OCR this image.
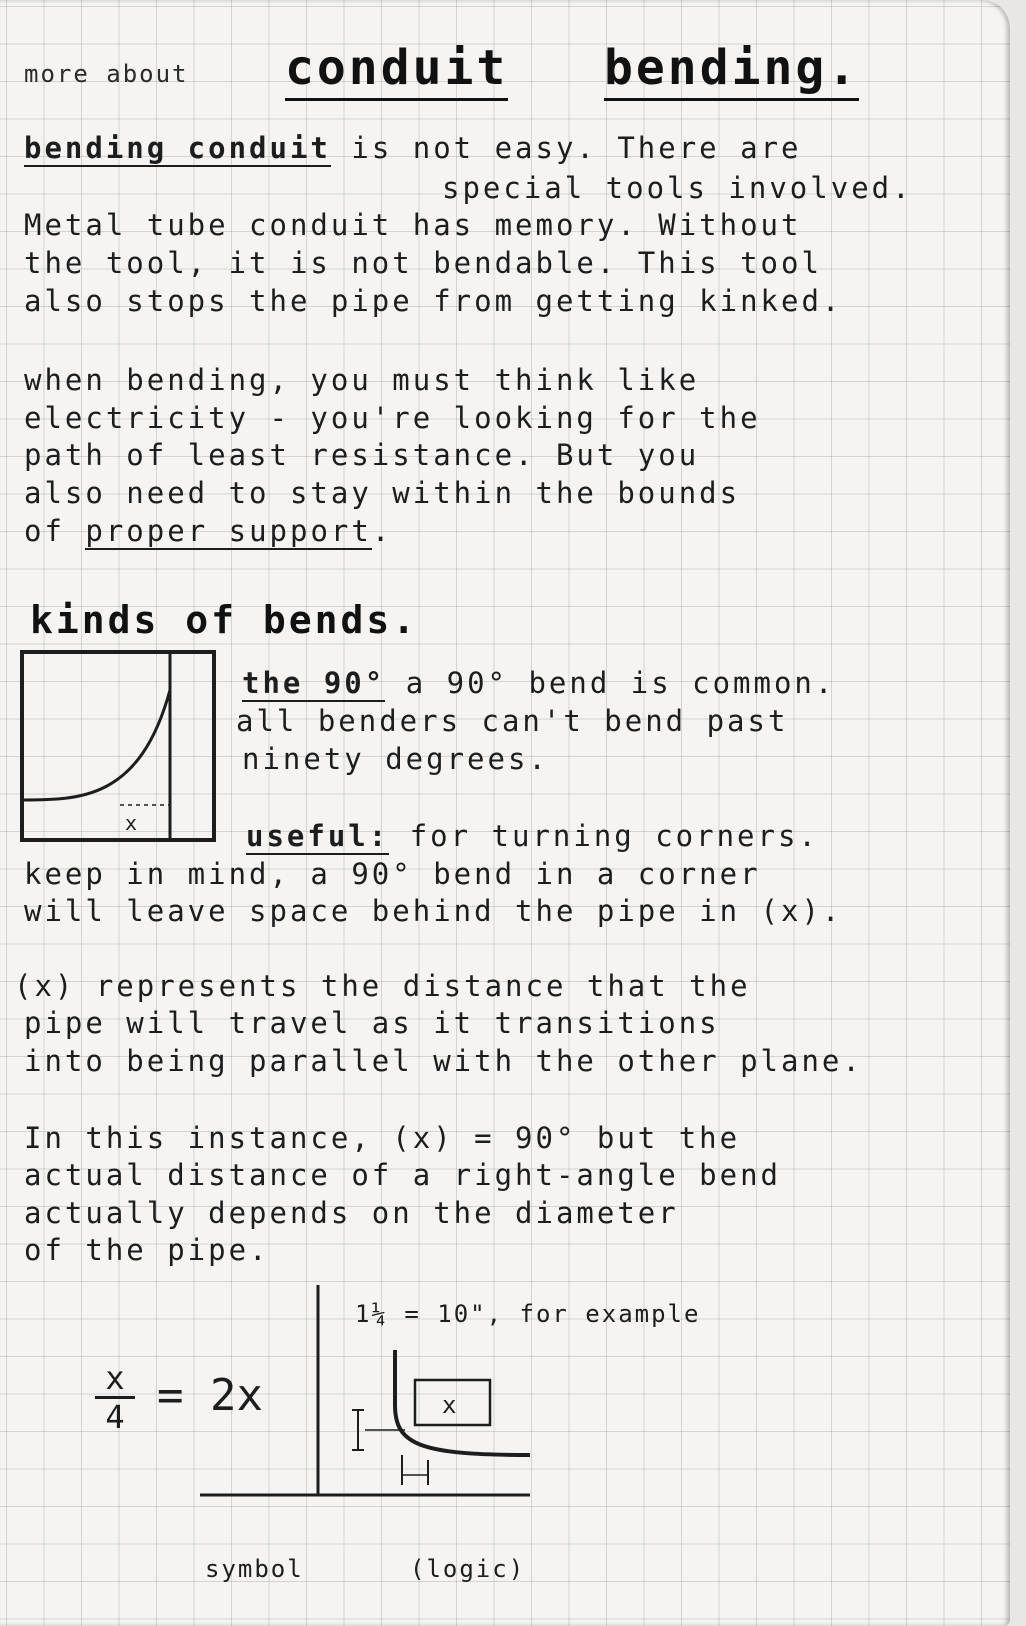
more about conduit bending.
bending conduit is not easy. There are
special tools involved.
Metal tube conduit has memory. Without
the tool, it is not bendable. This tool
also stops the pipe from getting kinked.
when bending, you must think like
electricity - you're looking for the
path of least resistance. But you
also need to stay within the bounds
of proper support.
kinds of bends.
x
the 90° a 90° bend is common.
all benders can't bend past
ninety degrees.
useful: for turning corners.
keep in mind, a 90° bend in a corner
will leave space behind the pipe in (x).
(x) represents the distance that the
pipe will travel as it transitions
into being parallel with the other plane.
In this instance, (x) = 90° but the
actual distance of a right-angle bend
actually depends on the diameter
of the pipe.
$\frac{x}{4} = 2x$
1¼ = 10", for example
x
symbol	(logic)
